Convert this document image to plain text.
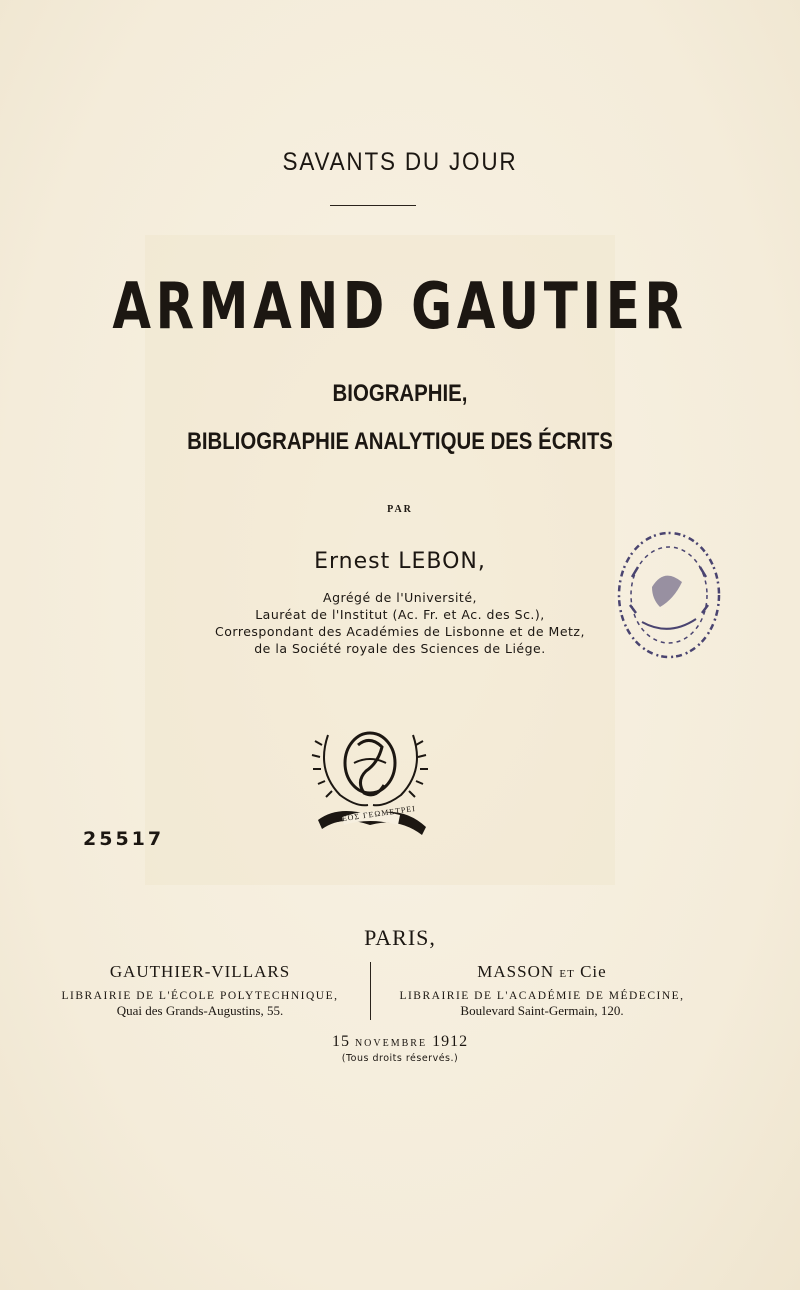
SAVANTS DU JOUR
ARMAND GAUTIER
BIOGRAPHIE,
BIBLIOGRAPHIE ANALYTIQUE DES ÉCRITS
PAR
Ernest LEBON,
Agrégé de l'Université,
Lauréat de l'Institut (Ac. Fr. et Ac. des Sc.),
Correspondant des Académies de Lisbonne et de Metz,
de la Société royale des Sciences de Liége.
ΟΘΕΟΣ ΓΕΩΜΕΤΡΕΙ
25517
PARIS,
GAUTHIER-VILLARS
LIBRAIRIE DE L'ÉCOLE POLYTECHNIQUE,
Quai des Grands-Augustins, 55.
MASSON ET Cie
LIBRAIRIE DE L'ACADÉMIE DE MÉDECINE,
Boulevard Saint-Germain, 120.
15 NOVEMBRE 1912
(Tous droits réservés.)
